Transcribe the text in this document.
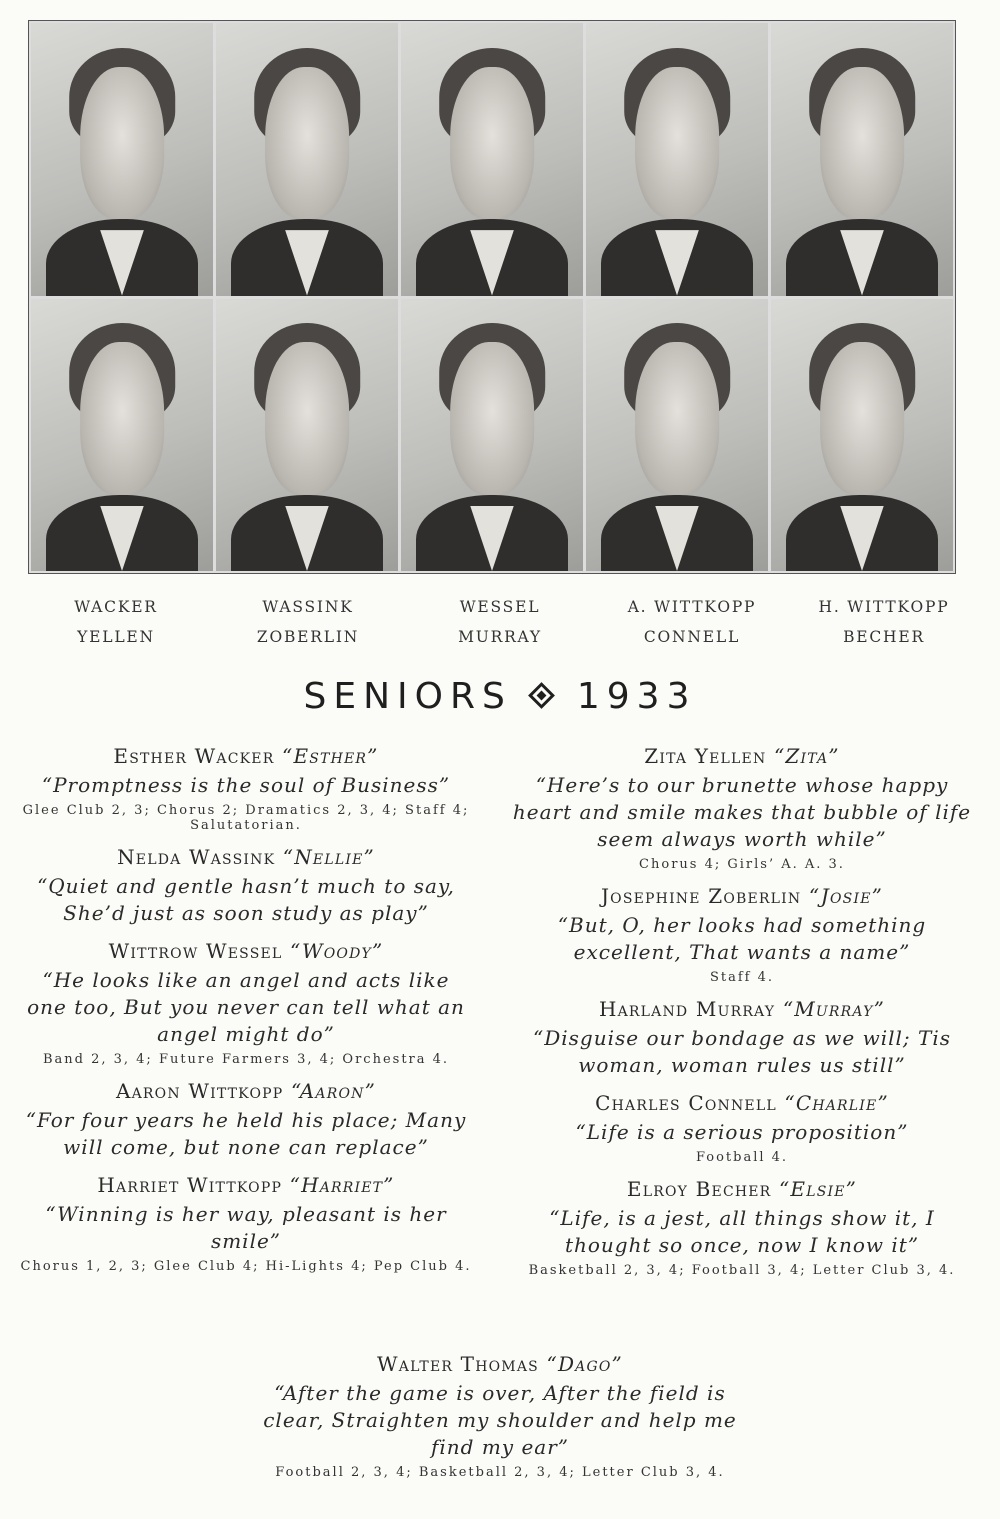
WACKER	WASSINK	WESSEL	A. WITTKOPP	H. WITTKOPP
YELLEN	ZOBERLIN	MURRAY	CONNELL	BECHER
SENIORS 1933
Esther Wacker “Esther”
“Promptness is the soul of Business”
Glee Club 2, 3; Chorus 2; Dramatics 2, 3, 4; Staff 4; Salutatorian.
Nelda Wassink “Nellie”
“Quiet and gentle hasn’t much to say, She’d just as soon study as play”
Wittrow Wessel “Woody”
“He looks like an angel and acts like one too, But you never can tell what an angel might do”
Band 2, 3, 4; Future Farmers 3, 4; Orchestra 4.
Aaron Wittkopp “Aaron”
“For four years he held his place; Many will come, but none can replace”
Harriet Wittkopp “Harriet”
“Winning is her way, pleasant is her smile”
Chorus 1, 2, 3; Glee Club 4; Hi-Lights 4; Pep Club 4.
Zita Yellen “Zita”
“Here’s to our brunette whose happy heart and smile makes that bubble of life seem always worth while”
Chorus 4; Girls’ A. A. 3.
Josephine Zoberlin “Josie”
“But, O, her looks had something excellent, That wants a name”
Staff 4.
Harland Murray “Murray”
“Disguise our bondage as we will; Tis woman, woman rules us still”
Charles Connell “Charlie”
“Life is a serious proposition”
Football 4.
Elroy Becher “Elsie”
“Life, is a jest, all things show it, I thought so once, now I know it”
Basketball 2, 3, 4; Football 3, 4; Letter Club 3, 4.
Walter Thomas “Dago”
“After the game is over, After the field is clear, Straighten my shoulder and help me find my ear”
Football 2, 3, 4; Basketball 2, 3, 4; Letter Club 3, 4.
